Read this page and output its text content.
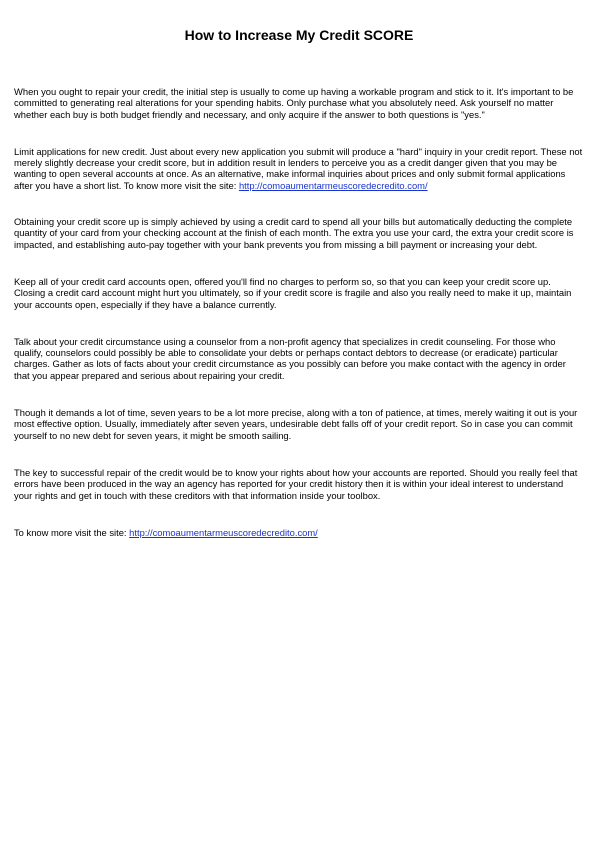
How to Increase My Credit SCORE

When you ought to repair your credit, the initial step is usually to come up having a workable program and stick to it. It's important to be committed to generating real alterations for your spending habits. Only purchase what you absolutely need. Ask yourself no matter whether each buy is both budget friendly and necessary, and only acquire if the answer to both questions is "yes."

Limit applications for new credit. Just about every new application you submit will produce a "hard" inquiry in your credit report. These not merely slightly decrease your credit score, but in addition result in lenders to perceive you as a credit danger given that you may be wanting to open several accounts at once. As an alternative, make informal inquiries about prices and only submit formal applications after you have a short list. To know more visit the site: http://comoaumentarmeuscoredecredito.com/

Obtaining your credit score up is simply achieved by using a credit card to spend all your bills but automatically deducting the complete quantity of your card from your checking account at the finish of each month. The extra you use your card, the extra your credit score is impacted, and establishing auto-pay together with your bank prevents you from missing a bill payment or increasing your debt.

Keep all of your credit card accounts open, offered you'll find no charges to perform so, so that you can keep your credit score up. Closing a credit card account might hurt you ultimately, so if your credit score is fragile and also you really need to make it up, maintain your accounts open, especially if they have a balance currently.

Talk about your credit circumstance using a counselor from a non-profit agency that specializes in credit counseling. For those who qualify, counselors could possibly be able to consolidate your debts or perhaps contact debtors to decrease (or eradicate) particular charges. Gather as lots of facts about your credit circumstance as you possibly can before you make contact with the agency in order that you appear prepared and serious about repairing your credit.

Though it demands a lot of time, seven years to be a lot more precise, along with a ton of patience, at times, merely waiting it out is your most effective option. Usually, immediately after seven years, undesirable debt falls off of your credit report. So in case you can commit yourself to no new debt for seven years, it might be smooth sailing.

The key to successful repair of the credit would be to know your rights about how your accounts are reported. Should you really feel that errors have been produced in the way an agency has reported for your credit history then it is within your ideal interest to understand your rights and get in touch with these creditors with that information inside your toolbox.

To know more visit the site: http://comoaumentarmeuscoredecredito.com/
